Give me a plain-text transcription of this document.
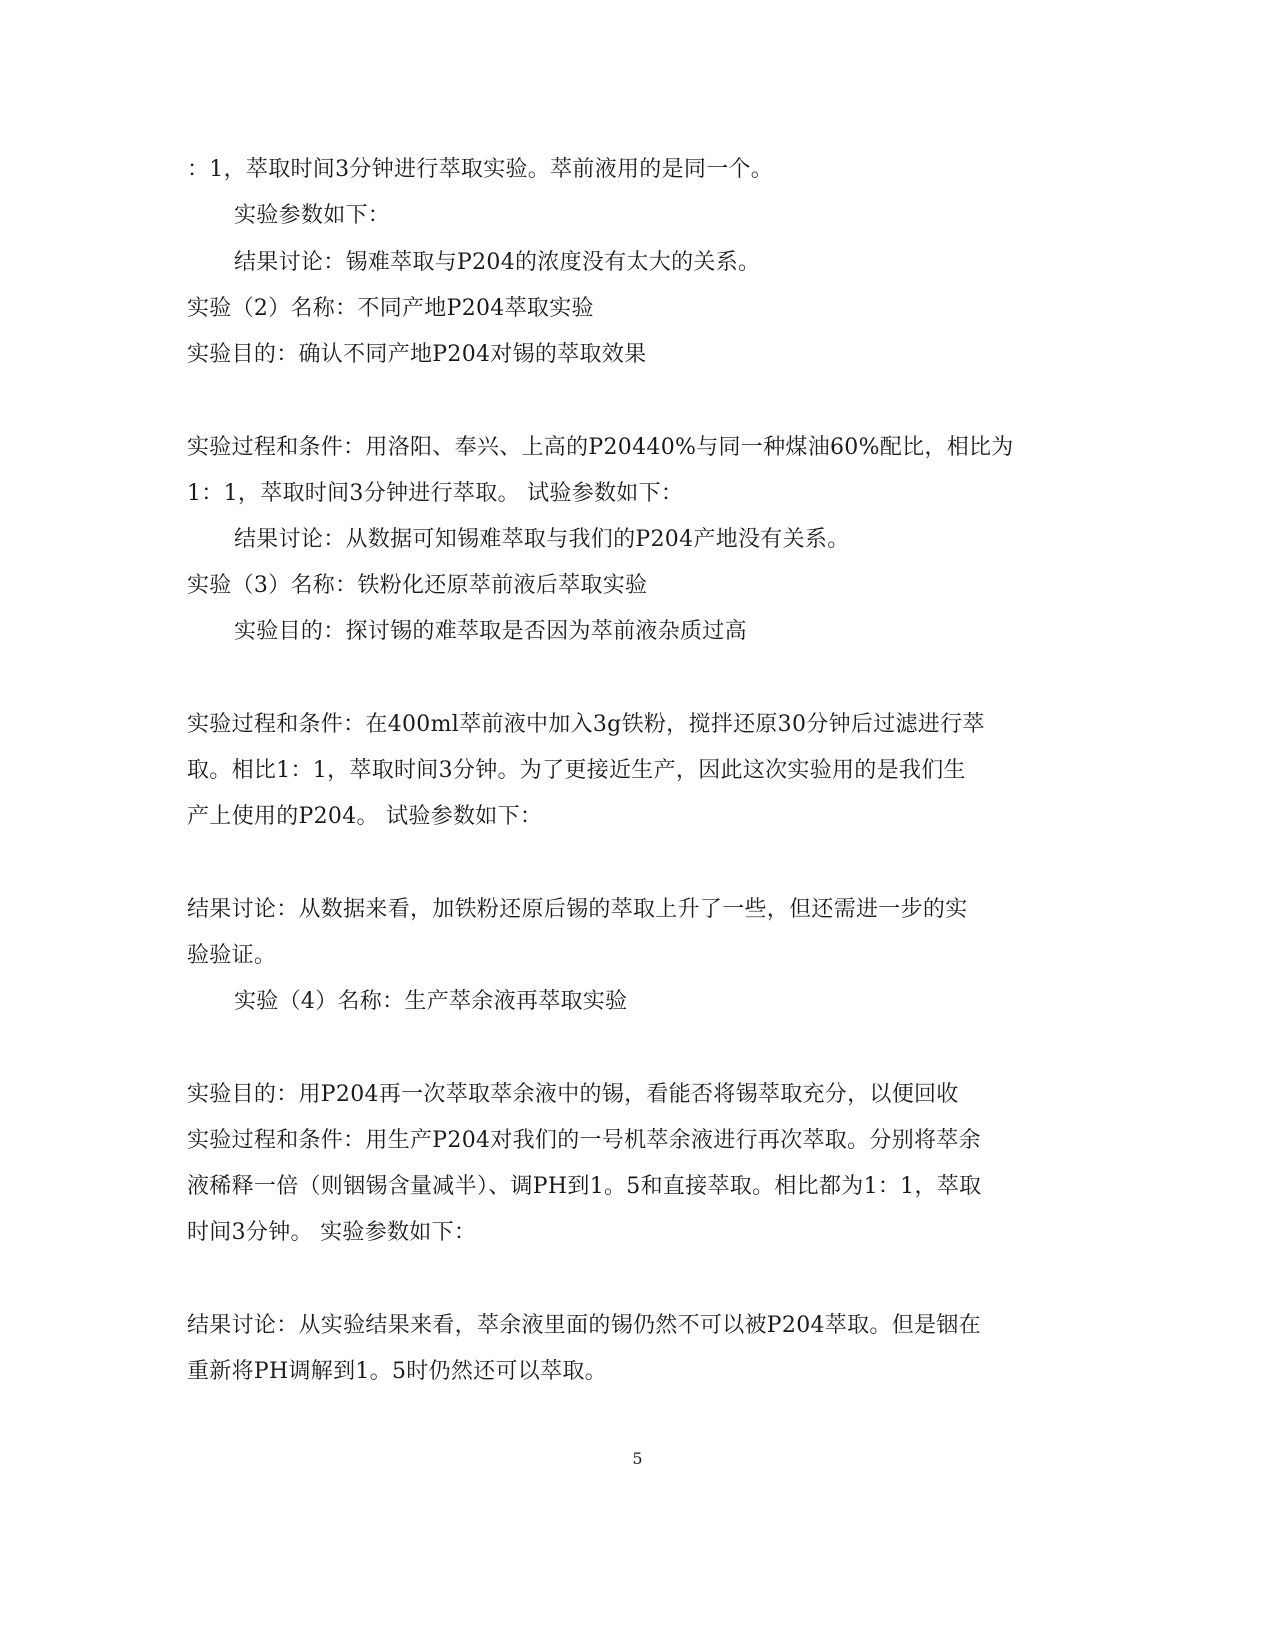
：1，萃取时间3分钟进行萃取实验。萃前液用的是同一个。
实验参数如下：
结果讨论：锡难萃取与P204的浓度没有太大的关系。
实验（2）名称：不同产地P204萃取实验
实验目的：确认不同产地P204对锡的萃取效果
实验过程和条件：用洛阳、奉兴、上高的P20440%与同一种煤油60%配比，相比为
1：1，萃取时间3分钟进行萃取。 试验参数如下：
结果讨论：从数据可知锡难萃取与我们的P204产地没有关系。
实验（3）名称：铁粉化还原萃前液后萃取实验
实验目的：探讨锡的难萃取是否因为萃前液杂质过高
实验过程和条件：在400ml萃前液中加入3g铁粉，搅拌还原30分钟后过滤进行萃
取。相比1：1，萃取时间3分钟。为了更接近生产，因此这次实验用的是我们生
产上使用的P204。 试验参数如下：
结果讨论：从数据来看，加铁粉还原后锡的萃取上升了一些，但还需进一步的实
验验证。
实验（4）名称：生产萃余液再萃取实验
实验目的：用P204再一次萃取萃余液中的锡，看能否将锡萃取充分，以便回收
实验过程和条件：用生产P204对我们的一号机萃余液进行再次萃取。分别将萃余
液稀释一倍（则铟锡含量减半）、调PH到1。5和直接萃取。相比都为1：1，萃取
时间3分钟。 实验参数如下：
结果讨论：从实验结果来看，萃余液里面的锡仍然不可以被P204萃取。但是铟在
重新将PH调解到1。5时仍然还可以萃取。
5
